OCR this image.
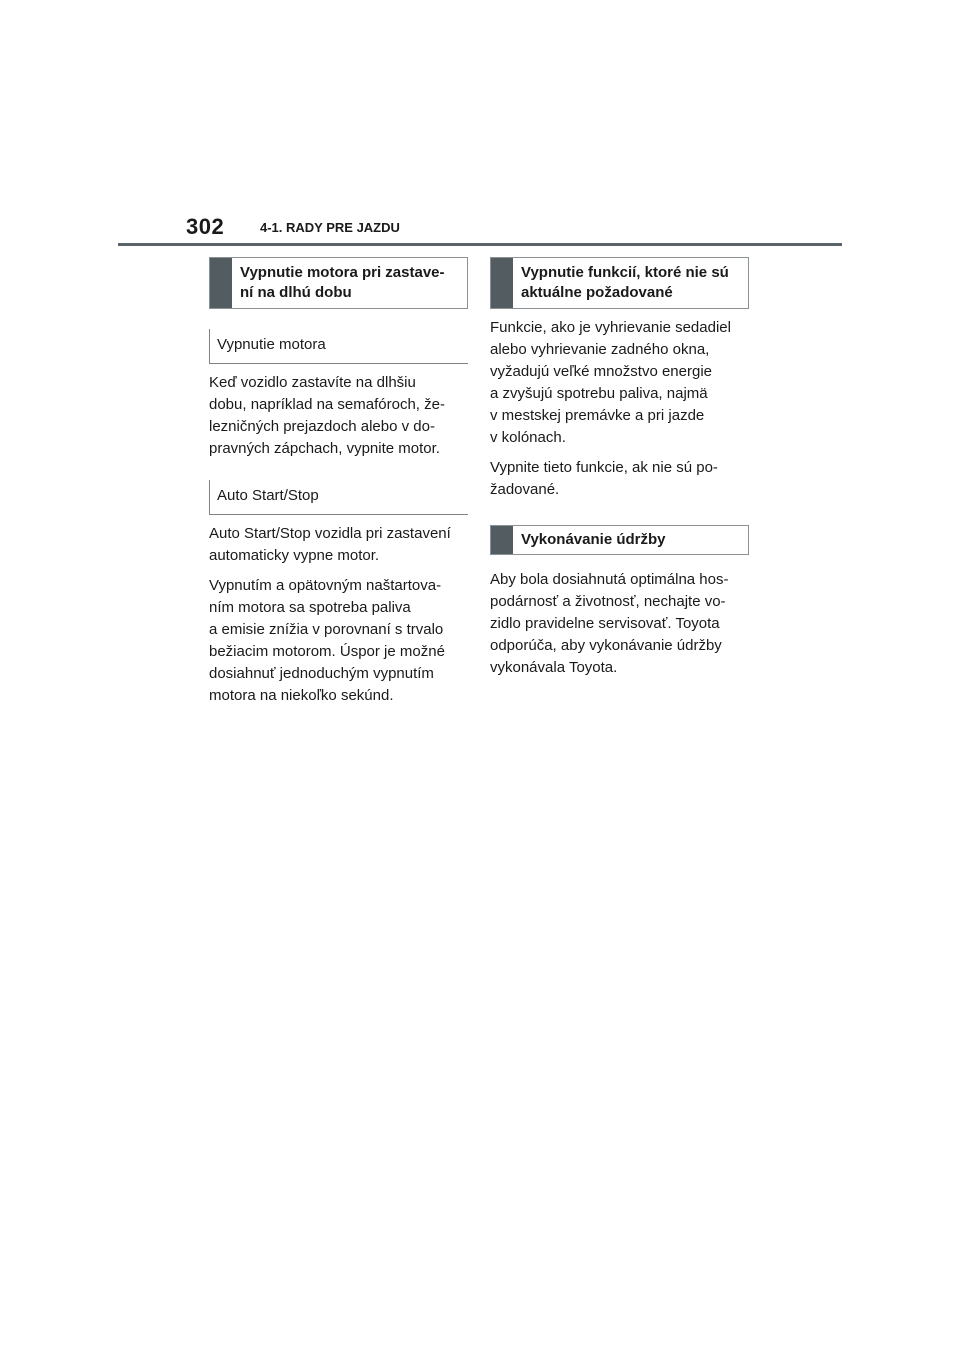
302	4-1. RADY PRE JAZDU
Vypnutie motora pri zastave-
ní na dlhú dobu
Vypnutie motora

Keď vozidlo zastavíte na dlhšiu
dobu, napríklad na semafóroch, že-
lezničných prejazdoch alebo v do-
pravných zápchach, vypnite motor.

Auto Start/Stop

Auto Start/Stop vozidla pri zastavení
automaticky vypne motor.

Vypnutím a opätovným naštartova-
ním motora sa spotreba paliva
a emisie znížia v porovnaní s trvalo
bežiacim motorom. Úspor je možné
dosiahnuť jednoduchým vypnutím
motora na niekoľko sekúnd.

Vypnutie funkcií, ktoré nie sú
aktuálne požadované

Funkcie, ako je vyhrievanie sedadiel
alebo vyhrievanie zadného okna,
vyžadujú veľké množstvo energie
a zvyšujú spotrebu paliva, najmä
v mestskej premávke a pri jazde
v kolónach.

Vypnite tieto funkcie, ak nie sú po-
žadované.

Vykonávanie údržby

Aby bola dosiahnutá optimálna hos-
podárnosť a životnosť, nechajte vo-
zidlo pravidelne servisovať. Toyota
odporúča, aby vykonávanie údržby
vykonávala Toyota.
